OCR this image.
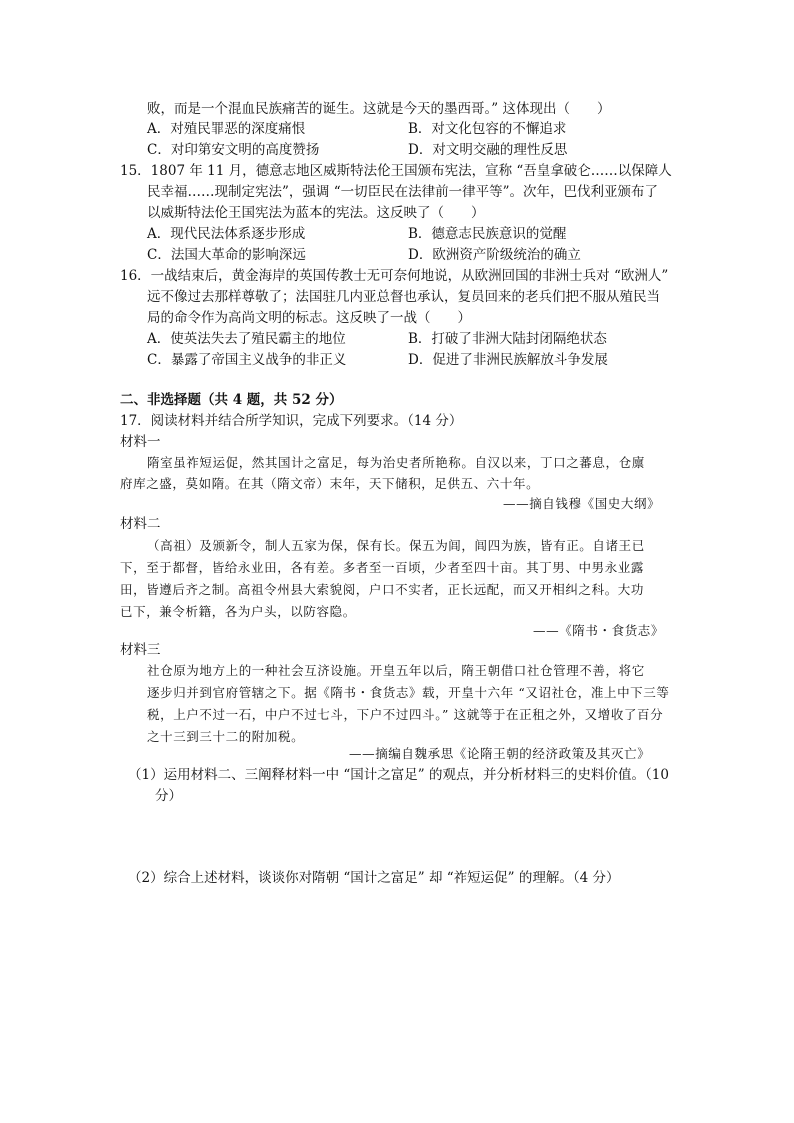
败，而是一个混血民族痛苦的诞生。这就是今天的墨西哥。” 这体现出（　　）
A．对殖民罪恶的深度痛恨	B．对文化包容的不懈追求
C．对印第安文明的高度赞扬	D．对文明交融的理性反思
15．1807 年 11 月，德意志地区威斯特法伦王国颁布宪法，宣称 “吾皇拿破仑……以保障人
民幸福……现制定宪法”，强调 “一切臣民在法律前一律平等”。次年，巴伐利亚颁布了
以威斯特法伦王国宪法为蓝本的宪法。这反映了（　　）
A．现代民法体系逐步形成	B．德意志民族意识的觉醒
C．法国大革命的影响深远	D．欧洲资产阶级统治的确立
16．一战结束后，黄金海岸的英国传教士无可奈何地说，从欧洲回国的非洲士兵对 “欧洲人”
远不像过去那样尊敬了；法国驻几内亚总督也承认，复员回来的老兵们把不服从殖民当
局的命令作为高尚文明的标志。这反映了一战（　　）
A．使英法失去了殖民霸主的地位	B．打破了非洲大陆封闭隔绝状态
C．暴露了帝国主义战争的非正义	D．促进了非洲民族解放斗争发展
二、非选择题（共 4 题，共 52 分）
17．阅读材料并结合所学知识，完成下列要求。（14 分）
材料一
隋室虽祚短运促，然其国计之富足，每为治史者所艳称。自汉以来，丁口之蕃息，仓廪
府库之盛，莫如隋。在其（隋文帝）末年，天下储积，足供五、六十年。
——摘自钱穆《国史大纲》
材料二
（高祖）及颁新令，制人五家为保，保有长。保五为闾，闾四为族，皆有正。自诸王已
下，至于都督，皆给永业田，各有差。多者至一百顷，少者至四十亩。其丁男、中男永业露
田，皆遵后齐之制。高祖令州县大索貌阅，户口不实者，正长远配，而又开相纠之科。大功
已下，兼令析籍，各为户头，以防容隐。
——《隋书・食货志》
材料三
社仓原为地方上的一种社会互济设施。开皇五年以后，隋王朝借口社仓管理不善，将它
逐步归并到官府管辖之下。据《隋书・食货志》载，开皇十六年 “又诏社仓，准上中下三等
税，上户不过一石，中户不过七斗，下户不过四斗。” 这就等于在正租之外，又增收了百分
之十三到三十二的附加税。
——摘编自魏承思《论隋王朝的经济政策及其灭亡》
（1）运用材料二、三阐释材料一中 “国计之富足” 的观点，并分析材料三的史料价值。（10
分）
（2）综合上述材料，谈谈你对隋朝 “国计之富足” 却 “祚短运促” 的理解。（4 分）
